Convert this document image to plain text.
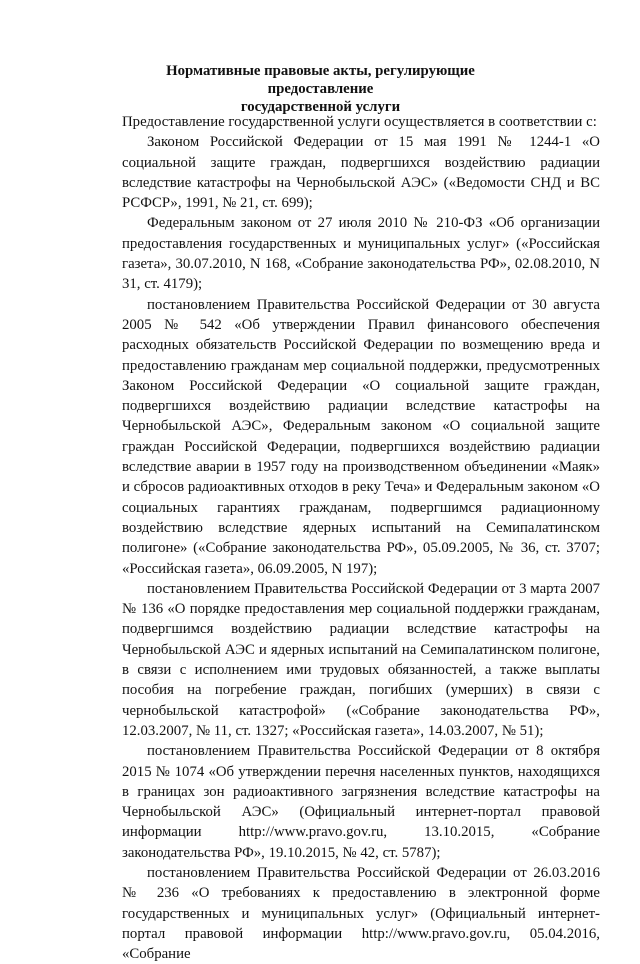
Нормативные правовые акты, регулирующие предоставление
государственной услуги

Предоставление государственной услуги осуществляется в соответствии с:

Законом Российской Федерации от 15 мая 1991 № 1244-1 «О социальной защите граждан, подвергшихся воздействию радиации вследствие катастрофы на Чернобыльской АЭС» («Ведомости СНД и ВС РСФСР», 1991, № 21, ст. 699);

Федеральным законом от 27 июля 2010 № 210-ФЗ «Об организации предоставления государственных и муниципальных услуг» («Российская газета», 30.07.2010, N 168, «Собрание законодательства РФ», 02.08.2010, N 31, ст. 4179);

постановлением Правительства Российской Федерации от 30 августа 2005 № 542 «Об утверждении Правил финансового обеспечения расходных обязательств Российской Федерации по возмещению вреда и предоставлению гражданам мер социальной поддержки, предусмотренных Законом Российской Федерации «О социальной защите граждан, подвергшихся воздействию радиации вследствие катастрофы на Чернобыльской АЭС», Федеральным законом «О социальной защите граждан Российской Федерации, подвергшихся воздействию радиации вследствие аварии в 1957 году на производственном объединении «Маяк» и сбросов радиоактивных отходов в реку Теча» и Федеральным законом «О социальных гарантиях гражданам, подвергшимся радиационному воздействию вследствие ядерных испытаний на Семипалатинском полигоне» («Собрание законодательства РФ», 05.09.2005, № 36, ст. 3707; «Российская газета», 06.09.2005, N 197);

постановлением Правительства Российской Федерации от 3 марта 2007 № 136 «О порядке предоставления мер социальной поддержки гражданам, подвергшимся воздействию радиации вследствие катастрофы на Чернобыльской АЭС и ядерных испытаний на Семипалатинском полигоне, в связи с исполнением ими трудовых обязанностей, а также выплаты пособия на погребение граждан, погибших (умерших) в связи с чернобыльской катастрофой» («Собрание законодательства РФ», 12.03.2007, № 11, ст. 1327; «Российская газета», 14.03.2007, № 51);

постановлением Правительства Российской Федерации от 8 октября 2015 № 1074 «Об утверждении перечня населенных пунктов, находящихся в границах зон радиоактивного загрязнения вследствие катастрофы на Чернобыльской АЭС» (Официальный интернет-портал правовой информации http://www.pravo.gov.ru, 13.10.2015, «Собрание законодательства РФ», 19.10.2015, № 42, ст. 5787);

постановлением Правительства Российской Федерации от 26.03.2016 № 236 «О требованиях к предоставлению в электронной форме государственных и муниципальных услуг» (Официальный интернет-портал правовой информации http://www.pravo.gov.ru, 05.04.2016, «Собрание
